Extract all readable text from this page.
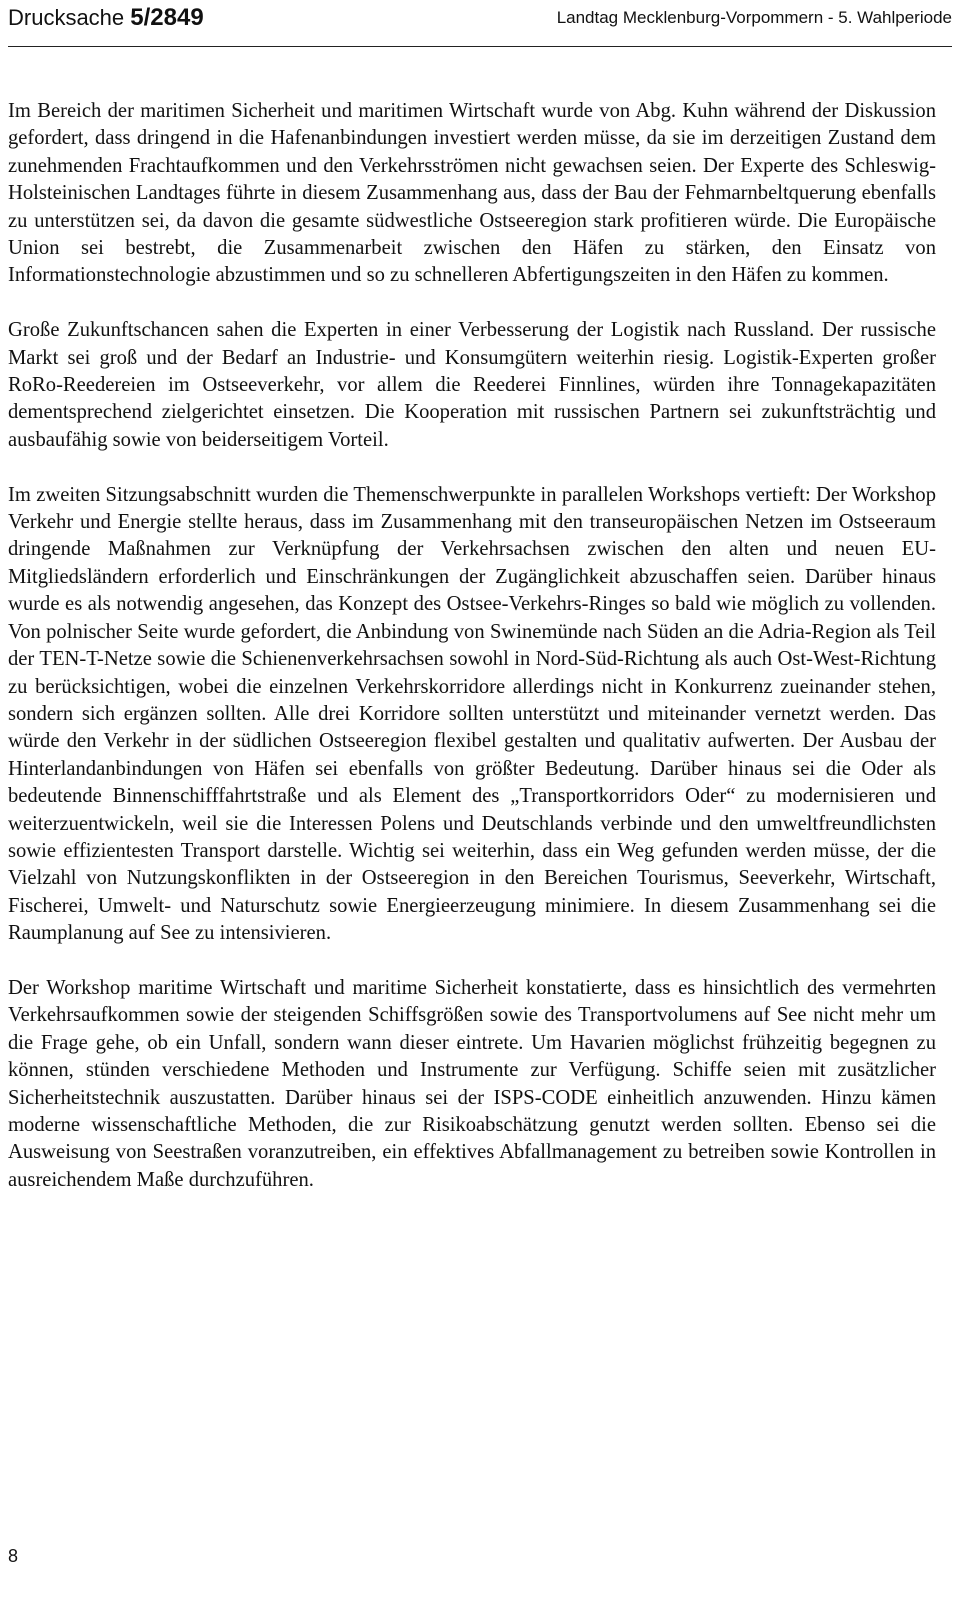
Drucksache 5/2849	Landtag Mecklenburg-Vorpommern - 5. Wahlperiode

Im Bereich der maritimen Sicherheit und maritimen Wirtschaft wurde von Abg. Kuhn während der Diskussion gefordert, dass dringend in die Hafenanbindungen investiert werden müsse, da sie im derzeitigen Zustand dem zunehmenden Frachtaufkommen und den Verkehrsströmen nicht gewachsen seien. Der Experte des Schleswig-Holsteinischen Landtages führte in diesem Zusammenhang aus, dass der Bau der Fehmarnbeltquerung ebenfalls zu unterstützen sei, da davon die gesamte südwestliche Ostseeregion stark profitieren würde. Die Europäische Union sei bestrebt, die Zusammenarbeit zwischen den Häfen zu stärken, den Einsatz von Informationstechnologie abzustimmen und so zu schnelleren Abfertigungszeiten in den Häfen zu kommen.

Große Zukunftschancen sahen die Experten in einer Verbesserung der Logistik nach Russland. Der russische Markt sei groß und der Bedarf an Industrie- und Konsumgütern weiterhin riesig. Logistik-Experten großer RoRo-Reedereien im Ostseeverkehr, vor allem die Reederei Finnlines, würden ihre Tonnagekapazitäten dementsprechend zielgerichtet einsetzen. Die Kooperation mit russischen Partnern sei zukunftsträchtig und ausbaufähig sowie von beiderseitigem Vorteil.

Im zweiten Sitzungsabschnitt wurden die Themenschwerpunkte in parallelen Workshops vertieft: Der Workshop Verkehr und Energie stellte heraus, dass im Zusammenhang mit den transeuropäischen Netzen im Ostseeraum dringende Maßnahmen zur Verknüpfung der Verkehrsachsen zwischen den alten und neuen EU-Mitgliedsländern erforderlich und Einschränkungen der Zugänglichkeit abzuschaffen seien. Darüber hinaus wurde es als notwendig angesehen, das Konzept des Ostsee-Verkehrs-Ringes so bald wie möglich zu vollenden. Von polnischer Seite wurde gefordert, die Anbindung von Swinemünde nach Süden an die Adria-Region als Teil der TEN-T-Netze sowie die Schienenverkehrsachsen sowohl in Nord-Süd-Richtung als auch Ost-West-Richtung zu berücksichtigen, wobei die einzelnen Verkehrskorridore allerdings nicht in Konkurrenz zueinander stehen, sondern sich ergänzen sollten. Alle drei Korridore sollten unterstützt und miteinander vernetzt werden. Das würde den Verkehr in der südlichen Ostseeregion flexibel gestalten und qualitativ aufwerten. Der Ausbau der Hinterlandanbindungen von Häfen sei ebenfalls von größter Bedeutung. Darüber hinaus sei die Oder als bedeutende Binnenschifffahrtstraße und als Element des „Transportkorridors Oder“ zu modernisieren und weiterzuentwickeln, weil sie die Interessen Polens und Deutschlands verbinde und den umweltfreundlichsten sowie effizientesten Transport darstelle. Wichtig sei weiterhin, dass ein Weg gefunden werden müsse, der die Vielzahl von Nutzungskonflikten in der Ostseeregion in den Bereichen Tourismus, Seeverkehr, Wirtschaft, Fischerei, Umwelt- und Naturschutz sowie Energieerzeugung minimiere. In diesem Zusammenhang sei die Raumplanung auf See zu intensivieren.

Der Workshop maritime Wirtschaft und maritime Sicherheit konstatierte, dass es hinsichtlich des vermehrten Verkehrsaufkommen sowie der steigenden Schiffsgrößen sowie des Transportvolumens auf See nicht mehr um die Frage gehe, ob ein Unfall, sondern wann dieser eintrete. Um Havarien möglichst frühzeitig begegnen zu können, stünden verschiedene Methoden und Instrumente zur Verfügung. Schiffe seien mit zusätzlicher Sicherheitstechnik auszustatten. Darüber hinaus sei der ISPS-CODE einheitlich anzuwenden. Hinzu kämen moderne wissenschaftliche Methoden, die zur Risikoabschätzung genutzt werden sollten. Ebenso sei die Ausweisung von Seestraßen voranzutreiben, ein effektives Abfallmanagement zu betreiben sowie Kontrollen in ausreichendem Maße durchzuführen.

8
